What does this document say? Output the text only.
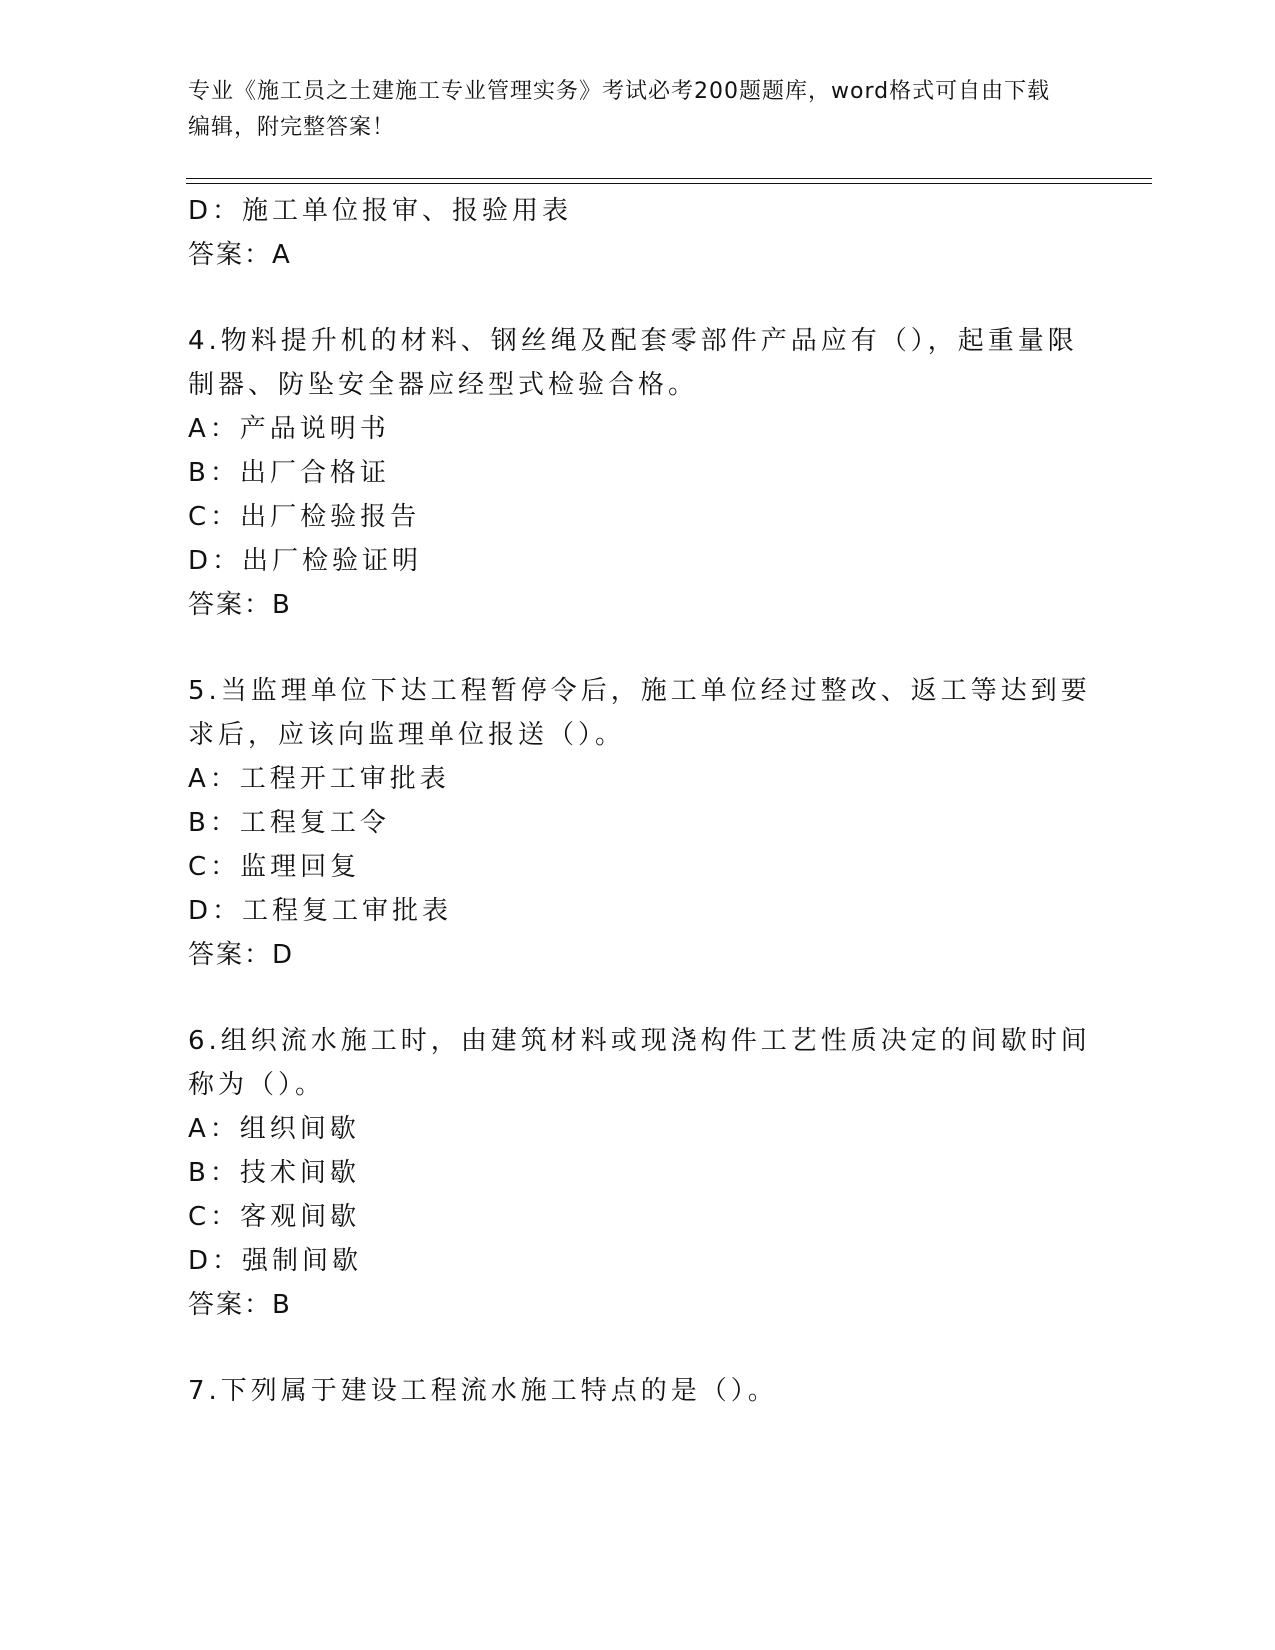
专业《施工员之土建施工专业管理实务》考试必考200题题库，word格式可自由下载编辑，附完整答案！
D：施工单位报审、报验用表
答案：A
4.物料提升机的材料、钢丝绳及配套零部件产品应有（），起重量限
制器、防坠安全器应经型式检验合格。
A：产品说明书
B：出厂合格证
C：出厂检验报告
D：出厂检验证明
答案：B
5.当监理单位下达工程暂停令后，施工单位经过整改、返工等达到要
求后，应该向监理单位报送（）。
A：工程开工审批表
B：工程复工令
C：监理回复
D：工程复工审批表
答案：D
6.组织流水施工时，由建筑材料或现浇构件工艺性质决定的间歇时间
称为（）。
A：组织间歇
B：技术间歇
C：客观间歇
D：强制间歇
答案：B
7.下列属于建设工程流水施工特点的是（）。
